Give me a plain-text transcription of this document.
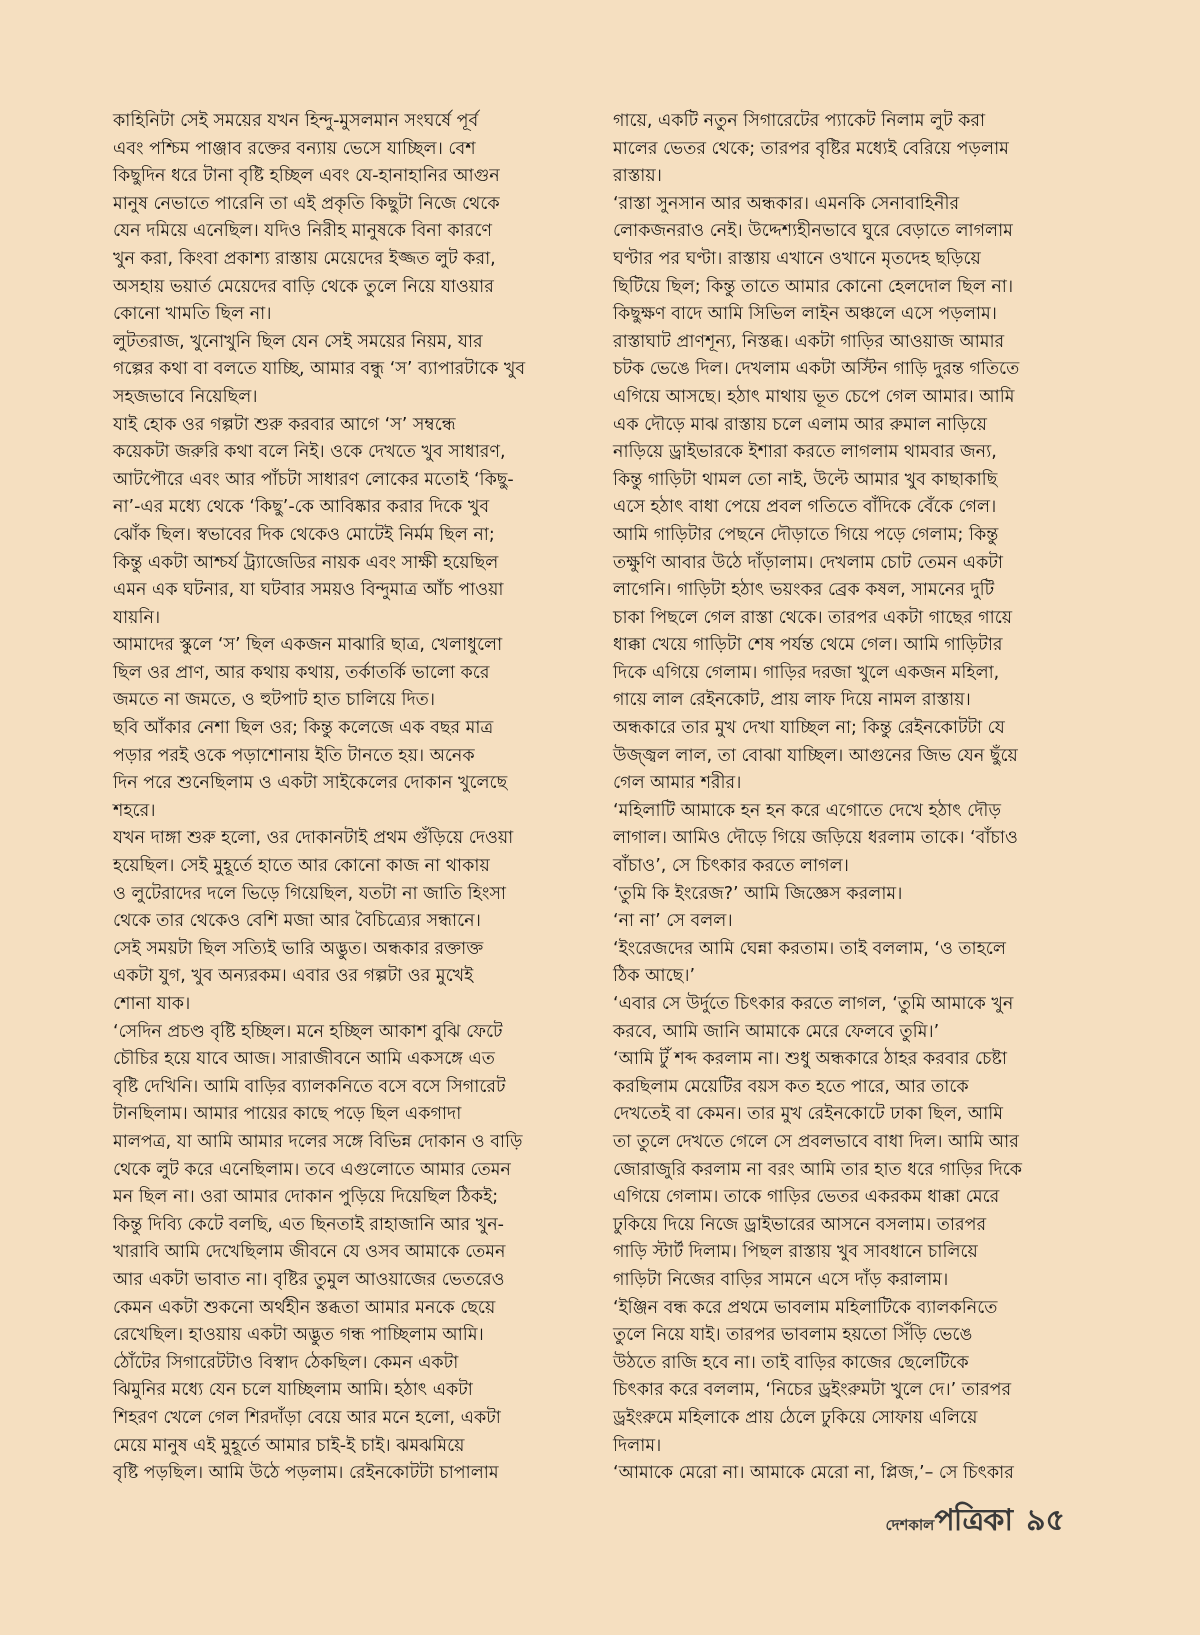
কাহিনিটা সেই সময়ের যখন হিন্দু-মুসলমান সংঘর্ষে পূর্ব
এবং পশ্চিম পাঞ্জাব রক্তের বন্যায় ভেসে যাচ্ছিল। বেশ
কিছুদিন ধরে টানা বৃষ্টি হচ্ছিল এবং যে-হানাহানির আগুন
মানুষ নেভাতে পারেনি তা এই প্রকৃতি কিছুটা নিজে থেকে
যেন দমিয়ে এনেছিল। যদিও নিরীহ মানুষকে বিনা কারণে
খুন করা, কিংবা প্রকাশ্য রাস্তায় মেয়েদের ইজ্জত লুট করা,
অসহায় ভয়ার্ত মেয়েদের বাড়ি থেকে তুলে নিয়ে যাওয়ার
কোনো খামতি ছিল না।

লুটতরাজ, খুনোখুনি ছিল যেন সেই সময়ের নিয়ম, যার
গল্পের কথা বা বলতে যাচ্ছি, আমার বন্ধু ‘স’ ব্যাপারটাকে খুব
সহজভাবে নিয়েছিল।

যাই হোক ওর গল্পটা শুরু করবার আগে ‘স’ সম্বন্ধে
কয়েকটা জরুরি কথা বলে নিই। ওকে দেখতে খুব সাধারণ,
আটপৌরে এবং আর পাঁচটা সাধারণ লোকের মতোই ‘কিছু-
না’-এর মধ্যে থেকে ‘কিছু’-কে আবিষ্কার করার দিকে খুব
ঝোঁক ছিল। স্বভাবের দিক থেকেও মোটেই নির্মম ছিল না;
কিন্তু একটা আশ্চর্য ট্র্যাজেডির নায়ক এবং সাক্ষী হয়েছিল
এমন এক ঘটনার, যা ঘটবার সময়ও বিন্দুমাত্র আঁচ পাওয়া
যায়নি।

আমাদের স্কুলে ‘স’ ছিল একজন মাঝারি ছাত্র, খেলাধুলো
ছিল ওর প্রাণ, আর কথায় কথায়, তর্কাতর্কি ভালো করে
জমতে না জমতে, ও হুটপাট হাত চালিয়ে দিত।

ছবি আঁকার নেশা ছিল ওর; কিন্তু কলেজে এক বছর মাত্র
পড়ার পরই ওকে পড়াশোনায় ইতি টানতে হয়। অনেক
দিন পরে শুনেছিলাম ও একটা সাইকেলের দোকান খুলেছে
শহরে।

যখন দাঙ্গা শুরু হলো, ওর দোকানটাই প্রথম গুঁড়িয়ে দেওয়া
হয়েছিল। সেই মুহূর্তে হাতে আর কোনো কাজ না থাকায়
ও লুটেরাদের দলে ভিড়ে গিয়েছিল, যতটা না জাতি হিংসা
থেকে তার থেকেও বেশি মজা আর বৈচিত্র্যের সন্ধানে।
সেই সময়টা ছিল সত্যিই ভারি অদ্ভুত। অন্ধকার রক্তাক্ত
একটা যুগ, খুব অন্যরকম। এবার ওর গল্পটা ওর মুখেই
শোনা যাক।

‘সেদিন প্রচণ্ড বৃষ্টি হচ্ছিল। মনে হচ্ছিল আকাশ বুঝি ফেটে
চৌচির হয়ে যাবে আজ। সারাজীবনে আমি একসঙ্গে এত
বৃষ্টি দেখিনি। আমি বাড়ির ব্যালকনিতে বসে বসে সিগারেট
টানছিলাম। আমার পায়ের কাছে পড়ে ছিল একগাদা
মালপত্র, যা আমি আমার দলের সঙ্গে বিভিন্ন দোকান ও বাড়ি
থেকে লুট করে এনেছিলাম। তবে এগুলোতে আমার তেমন
মন ছিল না। ওরা আমার দোকান পুড়িয়ে দিয়েছিল ঠিকই;
কিন্তু দিব্যি কেটে বলছি, এত ছিনতাই রাহাজানি আর খুন-
খারাবি আমি দেখেছিলাম জীবনে যে ওসব আমাকে তেমন
আর একটা ভাবাত না। বৃষ্টির তুমুল আওয়াজের ভেতরেও
কেমন একটা শুকনো অর্থহীন স্তব্ধতা আমার মনকে ছেয়ে
রেখেছিল। হাওয়ায় একটা অদ্ভুত গন্ধ পাচ্ছিলাম আমি।
ঠোঁটের সিগারেটটাও বিস্বাদ ঠেকছিল। কেমন একটা
ঝিমুনির মধ্যে যেন চলে যাচ্ছিলাম আমি। হঠাৎ একটা
শিহরণ খেলে গেল শিরদাঁড়া বেয়ে আর মনে হলো, একটা
মেয়ে মানুষ এই মুহূর্তে আমার চাই-ই চাই। ঝমঝমিয়ে
বৃষ্টি পড়ছিল। আমি উঠে পড়লাম। রেইনকোটটা চাপালাম

গায়ে, একটি নতুন সিগারেটের প্যাকেট নিলাম লুট করা
মালের ভেতর থেকে; তারপর বৃষ্টির মধ্যেই বেরিয়ে পড়লাম
রাস্তায়।

‘রাস্তা সুনসান আর অন্ধকার। এমনকি সেনাবাহিনীর
লোকজনরাও নেই। উদ্দেশ্যহীনভাবে ঘুরে বেড়াতে লাগলাম
ঘণ্টার পর ঘণ্টা। রাস্তায় এখানে ওখানে মৃতদেহ ছড়িয়ে
ছিটিয়ে ছিল; কিন্তু তাতে আমার কোনো হেলদোল ছিল না।
কিছুক্ষণ বাদে আমি সিভিল লাইন অঞ্চলে এসে পড়লাম।
রাস্তাঘাট প্রাণশূন্য, নিস্তব্ধ। একটা গাড়ির আওয়াজ আমার
চটক ভেঙে দিল। দেখলাম একটা অস্টিন গাড়ি দুরন্ত গতিতে
এগিয়ে আসছে। হঠাৎ মাথায় ভূত চেপে গেল আমার। আমি
এক দৌড়ে মাঝ রাস্তায় চলে এলাম আর রুমাল নাড়িয়ে
নাড়িয়ে ড্রাইভারকে ইশারা করতে লাগলাম থামবার জন্য,
কিন্তু গাড়িটা থামল তো নাই, উল্টে আমার খুব কাছাকাছি
এসে হঠাৎ বাধা পেয়ে প্রবল গতিতে বাঁদিকে বেঁকে গেল।
আমি গাড়িটার পেছনে দৌড়াতে গিয়ে পড়ে গেলাম; কিন্তু
তক্ষুণি আবার উঠে দাঁড়ালাম। দেখলাম চোট তেমন একটা
লাগেনি। গাড়িটা হঠাৎ ভয়ংকর ব্রেক কষল, সামনের দুটি
চাকা পিছলে গেল রাস্তা থেকে। তারপর একটা গাছের গায়ে
ধাক্কা খেয়ে গাড়িটা শেষ পর্যন্ত থেমে গেল। আমি গাড়িটার
দিকে এগিয়ে গেলাম। গাড়ির দরজা খুলে একজন মহিলা,
গায়ে লাল রেইনকোট, প্রায় লাফ দিয়ে নামল রাস্তায়।
অন্ধকারে তার মুখ দেখা যাচ্ছিল না; কিন্তু রেইনকোটটা যে
উজ্জ্বল লাল, তা বোঝা যাচ্ছিল। আগুনের জিভ যেন ছুঁয়ে
গেল আমার শরীর।

‘মহিলাটি আমাকে হন হন করে এগোতে দেখে হঠাৎ দৌড়
লাগাল। আমিও দৌড়ে গিয়ে জড়িয়ে ধরলাম তাকে। ‘বাঁচাও
বাঁচাও’, সে চিৎকার করতে লাগল।

‘তুমি কি ইংরেজ?’ আমি জিজ্ঞেস করলাম।

‘না না’ সে বলল।

‘ইংরেজদের আমি ঘেন্না করতাম। তাই বললাম, ‘ও তাহলে
ঠিক আছে।’

‘এবার সে উর্দুতে চিৎকার করতে লাগল, ‘তুমি আমাকে খুন
করবে, আমি জানি আমাকে মেরে ফেলবে তুমি।’

‘আমি টুঁ শব্দ করলাম না। শুধু অন্ধকারে ঠাহর করবার চেষ্টা
করছিলাম মেয়েটির বয়স কত হতে পারে, আর তাকে
দেখতেই বা কেমন। তার মুখ রেইনকোটে ঢাকা ছিল, আমি
তা তুলে দেখতে গেলে সে প্রবলভাবে বাধা দিল। আমি আর
জোরাজুরি করলাম না বরং আমি তার হাত ধরে গাড়ির দিকে
এগিয়ে গেলাম। তাকে গাড়ির ভেতর একরকম ধাক্কা মেরে
ঢুকিয়ে দিয়ে নিজে ড্রাইভারের আসনে বসলাম। তারপর
গাড়ি স্টার্ট দিলাম। পিছল রাস্তায় খুব সাবধানে চালিয়ে
গাড়িটা নিজের বাড়ির সামনে এসে দাঁড় করালাম।

‘ইঞ্জিন বন্ধ করে প্রথমে ভাবলাম মহিলাটিকে ব্যালকনিতে
তুলে নিয়ে যাই। তারপর ভাবলাম হয়তো সিঁড়ি ভেঙে
উঠতে রাজি হবে না। তাই বাড়ির কাজের ছেলেটিকে
চিৎকার করে বললাম, ‘নিচের ড্রইংরুমটা খুলে দে।’ তারপর
ড্রইংরুমে মহিলাকে প্রায় ঠেলে ঢুকিয়ে সোফায় এলিয়ে
দিলাম।

‘আমাকে মেরো না। আমাকে মেরো না, প্লিজ,’– সে চিৎকার

দেশকাল পত্রিকা ৯৫
